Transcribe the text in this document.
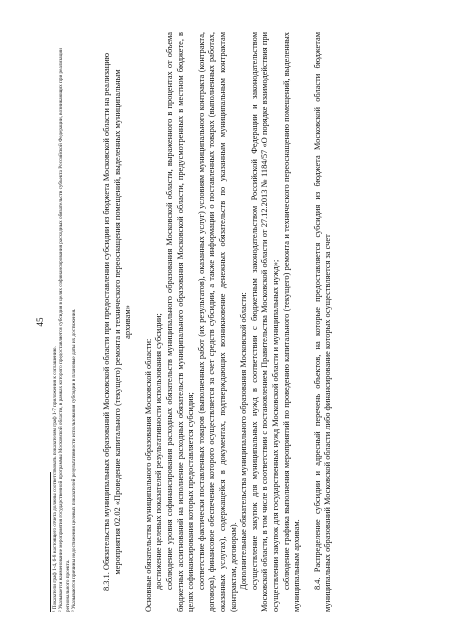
45

¹ Показатели граф 1-4, 6-8 настоящего отчета должны соответствовать показателям граф 1-7 приложения к соглашению. ² Указывается наименование мероприятия государственной программы Московской области, в рамках которого предоставляется субсидия в целях софинансирования расходных обязательств субъекта Российской Федерации, возникающих при реализации регионального проекта. ³ Указываются причины недостижения целевых показателей результативности использования субсидии в плановые даты их достижения.	8.3.1. Обязательства муниципальных образований Московской области при предоставлении субсидии из бюджета Московской области на реализацию мероприятия 02.02 «Проведение капитального (текущего) ремонта и технического переоснащения помещений, выделенных муниципальным архивам»

Основные обязательства муниципального образования Московской области: достижение целевых показателей результативности использования субсидии; соблюдение уровня софинансирования расходных обязательств муниципального образования Московской области, выраженного в процентах от объема бюджетных ассигнований на исполнение расходных обязательств муниципального образования Московской области, предусмотренных в местном бюджете, в целях софинансирования которых предоставляется субсидия; соответствие фактически поставленных товаров (выполненных работ (их результатов), оказанных услуг) условиям муниципального контракта (контракта, договора), финансовое обеспечение которого осуществляется за счет средств субсидии, а также информации о поставленных товарах (выполненных работах, оказанных услугах), содержащейся в документах, подтверждающих возникновение денежных обязательств по указанным муниципальным контрактам (контрактам, договорам). Дополнительные обязательства муниципального образования Московской области: осуществление закупок для муниципальных нужд в соответствии с бюджетным законодательством Российской Федерации и законодательством Московской области, в том числе в соответствии с постановлением Правительства Московской области от 27.12.2013 № 1184/57 «О порядке взаимодействия при осуществлении закупок для государственных нужд Московской области и муниципальных нужд»; соблюдение графика выполнения мероприятий по проведению капитального (текущего) ремонта и технического переоснащению помещений, выделенных муниципальным архивам. 8.4. Распределение субсидии и адресный перечень объектов, на которые предоставляется субсидия из бюджета Московской области бюджетам муниципальных образований Московской области либо финансирование которых осуществляется за счет
